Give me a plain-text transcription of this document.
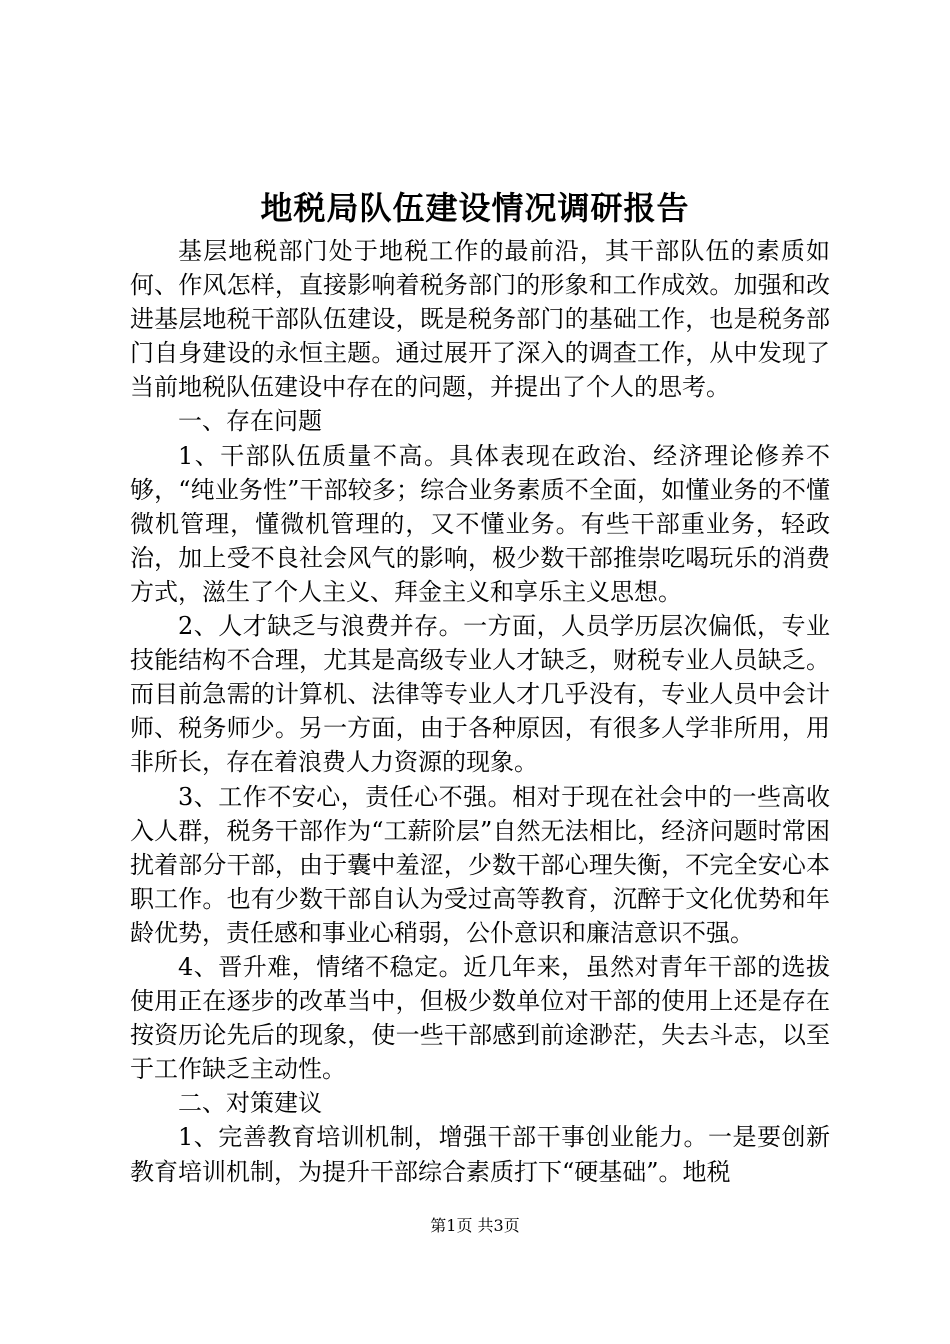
地税局队伍建设情况调研报告

基层地税部门处于地税工作的最前沿，其干部队伍的素质如何、作风怎样，直接影响着税务部门的形象和工作成效。加强和改进基层地税干部队伍建设，既是税务部门的基础工作，也是税务部门自身建设的永恒主题。通过展开了深入的调查工作，从中发现了当前地税队伍建设中存在的问题，并提出了个人的思考。

一、存在问题

1、干部队伍质量不高。具体表现在政治、经济理论修养不够，“纯业务性”干部较多；综合业务素质不全面，如懂业务的不懂微机管理，懂微机管理的，又不懂业务。有些干部重业务，轻政治，加上受不良社会风气的影响，极少数干部推崇吃喝玩乐的消费方式，滋生了个人主义、拜金主义和享乐主义思想。

2、人才缺乏与浪费并存。一方面，人员学历层次偏低，专业技能结构不合理，尤其是高级专业人才缺乏，财税专业人员缺乏。而目前急需的计算机、法律等专业人才几乎没有，专业人员中会计师、税务师少。另一方面，由于各种原因，有很多人学非所用，用非所长，存在着浪费人力资源的现象。

3、工作不安心，责任心不强。相对于现在社会中的一些高收入人群，税务干部作为“工薪阶层”自然无法相比，经济问题时常困扰着部分干部，由于囊中羞涩，少数干部心理失衡，不完全安心本职工作。也有少数干部自认为受过高等教育，沉醉于文化优势和年龄优势，责任感和事业心稍弱，公仆意识和廉洁意识不强。

4、晋升难，情绪不稳定。近几年来，虽然对青年干部的选拔使用正在逐步的改革当中，但极少数单位对干部的使用上还是存在按资历论先后的现象，使一些干部感到前途渺茫，失去斗志，以至于工作缺乏主动性。

二、对策建议

1、完善教育培训机制，增强干部干事创业能力。一是要创新教育培训机制，为提升干部综合素质打下“硬基础”。地税

第1页 共3页
